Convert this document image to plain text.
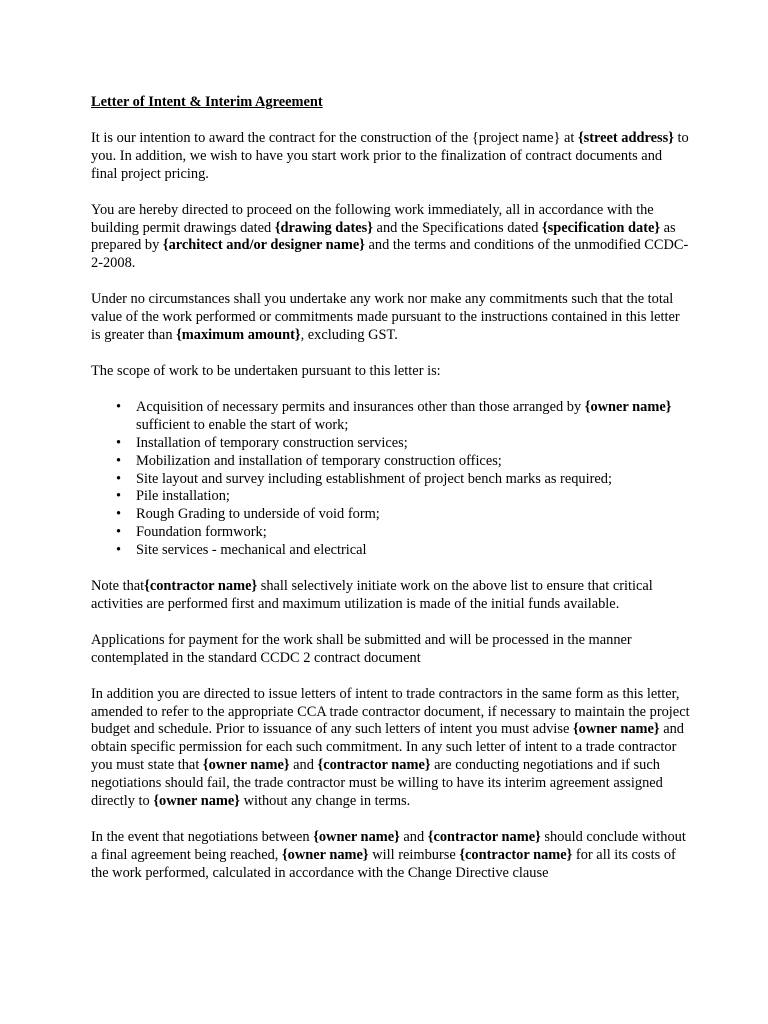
Letter of Intent & Interim Agreement

It is our intention to award the contract for the construction of the {project name} at {street address} to you. In addition, we wish to have you start work prior to the finalization of contract documents and final project pricing.

You are hereby directed to proceed on the following work immediately, all in accordance with the building permit drawings dated {drawing dates} and the Specifications dated {specification date} as prepared by {architect and/or designer name} and the terms and conditions of the unmodified CCDC-2-2008.

Under no circumstances shall you undertake any work nor make any commitments such that the total value of the work performed or commitments made pursuant to the instructions contained in this letter is greater than {maximum amount}, excluding GST.

The scope of work to be undertaken pursuant to this letter is:

• Acquisition of necessary permits and insurances other than those arranged by {owner name} sufficient to enable the start of work;
• Installation of temporary construction services;
• Mobilization and installation of temporary construction offices;
• Site layout and survey including establishment of project bench marks as required;
• Pile installation;
• Rough Grading to underside of void form;
• Foundation formwork;
• Site services - mechanical and electrical

Note that{contractor name} shall selectively initiate work on the above list to ensure that critical activities are performed first and maximum utilization is made of the initial funds available.

Applications for payment for the work shall be submitted and will be processed in the manner contemplated in the standard CCDC 2 contract document

In addition you are directed to issue letters of intent to trade contractors in the same form as this letter, amended to refer to the appropriate CCA trade contractor document, if necessary to maintain the project budget and schedule. Prior to issuance of any such letters of intent you must advise {owner name} and obtain specific permission for each such commitment. In any such letter of intent to a trade contractor you must state that {owner name} and {contractor name} are conducting negotiations and if such negotiations should fail, the trade contractor must be willing to have its interim agreement assigned directly to {owner name} without any change in terms.

In the event that negotiations between {owner name} and {contractor name} should conclude without a final agreement being reached, {owner name} will reimburse {contractor name} for all its costs of the work performed, calculated in accordance with the Change Directive clause
